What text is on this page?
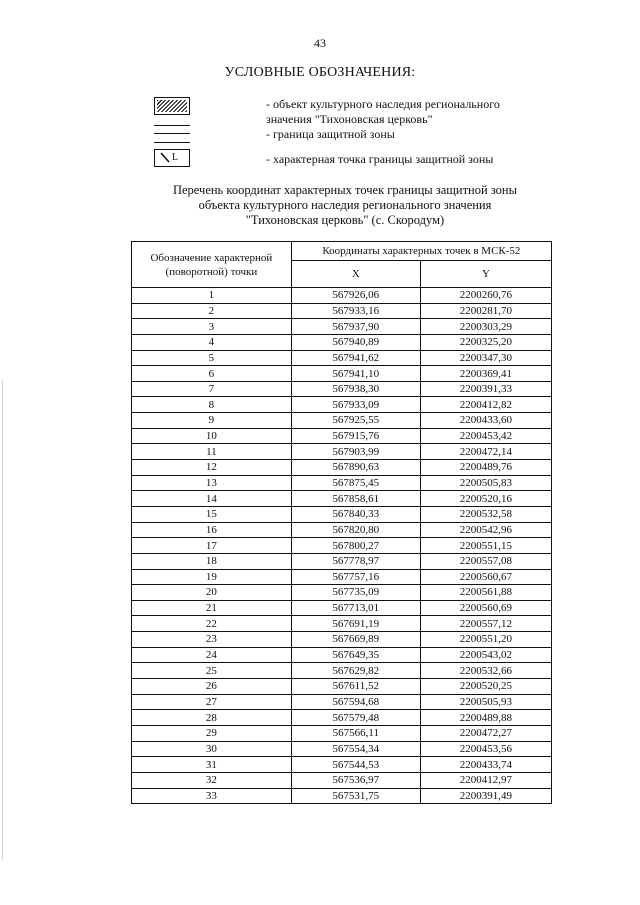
43
УСЛОВНЫЕ ОБОЗНАЧЕНИЯ:
- объект культурного наследия регионального
значения "Тихоновская церковь"
- граница защитной зоны
L	- характерная точка границы защитной зоны
Перечень координат характерных точек границы защитной зоны
объекта культурного наследия регионального значения
"Тихоновская церковь" (с. Скородум)
Обозначение характерной (поворотной) точки	Координаты характерных точек в МСК-52	
	X	Y
1	567926,06	2200260,76
2	567933,16	2200281,70
3	567937,90	2200303,29
4	567940,89	2200325,20
5	567941,62	2200347,30
6	567941,10	2200369,41
7	567938,30	2200391,33
8	567933,09	2200412,82
9	567925,55	2200433,60
10	567915,76	2200453,42
11	567903,99	2200472,14
12	567890,63	2200489,76
13	567875,45	2200505,83
14	567858,61	2200520,16
15	567840,33	2200532,58
16	567820,80	2200542,96
17	567800,27	2200551,15
18	567778,97	2200557,08
19	567757,16	2200560,67
20	567735,09	2200561,88
21	567713,01	2200560,69
22	567691,19	2200557,12
23	567669,89	2200551,20
24	567649,35	2200543,02
25	567629,82	2200532,66
26	567611,52	2200520,25
27	567594,68	2200505,93
28	567579,48	2200489,88
29	567566,11	2200472,27
30	567554,34	2200453,56
31	567544,53	2200433,74
32	567536,97	2200412,97
33	567531,75	2200391,49
